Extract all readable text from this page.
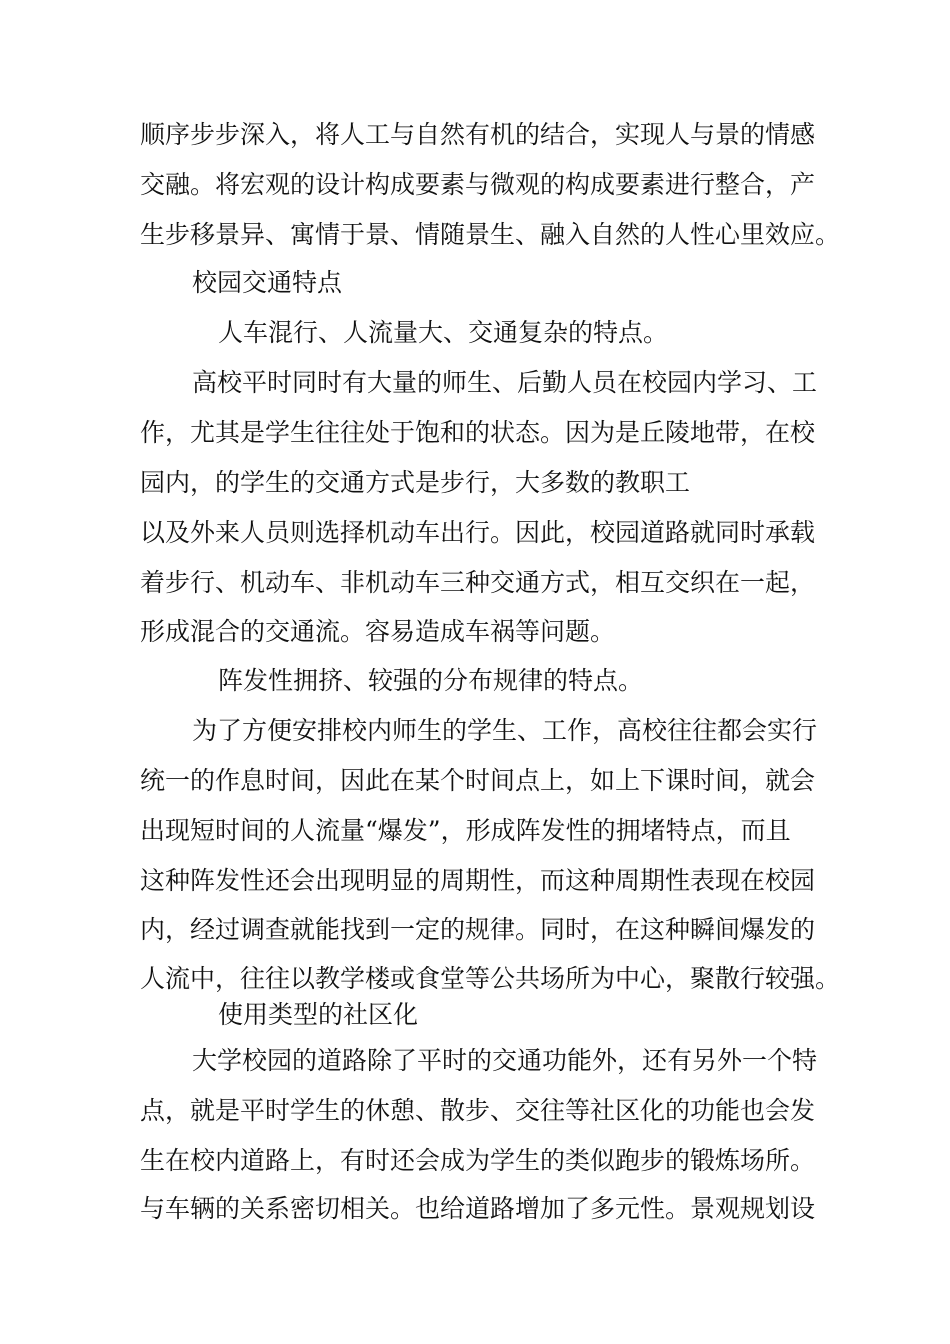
顺序步步深入，将人工与自然有机的结合，实现人与景的情感

交融。将宏观的设计构成要素与微观的构成要素进行整合，产

生步移景异、寓情于景、情随景生、融入自然的人性心里效应。

校园交通特点

人车混行、人流量大、交通复杂的特点。

高校平时同时有大量的师生、后勤人员在校园内学习、工

作，尤其是学生往往处于饱和的状态。因为是丘陵地带，在校

园内，的学生的交通方式是步行，大多数的教职工

以及外来人员则选择机动车出行。因此，校园道路就同时承载

着步行、机动车、非机动车三种交通方式，相互交织在一起，

形成混合的交通流。容易造成车祸等问题。

阵发性拥挤、较强的分布规律的特点。

为了方便安排校内师生的学生、工作，高校往往都会实行

统一的作息时间，因此在某个时间点上，如上下课时间，就会

出现短时间的人流量“爆发”，形成阵发性的拥堵特点，而且

这种阵发性还会出现明显的周期性，而这种周期性表现在校园

内，经过调查就能找到一定的规律。同时，在这种瞬间爆发的

人流中，往往以教学楼或食堂等公共场所为中心，聚散行较强。

使用类型的社区化

大学校园的道路除了平时的交通功能外，还有另外一个特

点，就是平时学生的休憩、散步、交往等社区化的功能也会发

生在校内道路上，有时还会成为学生的类似跑步的锻炼场所。

与车辆的关系密切相关。也给道路增加了多元性。景观规划设
